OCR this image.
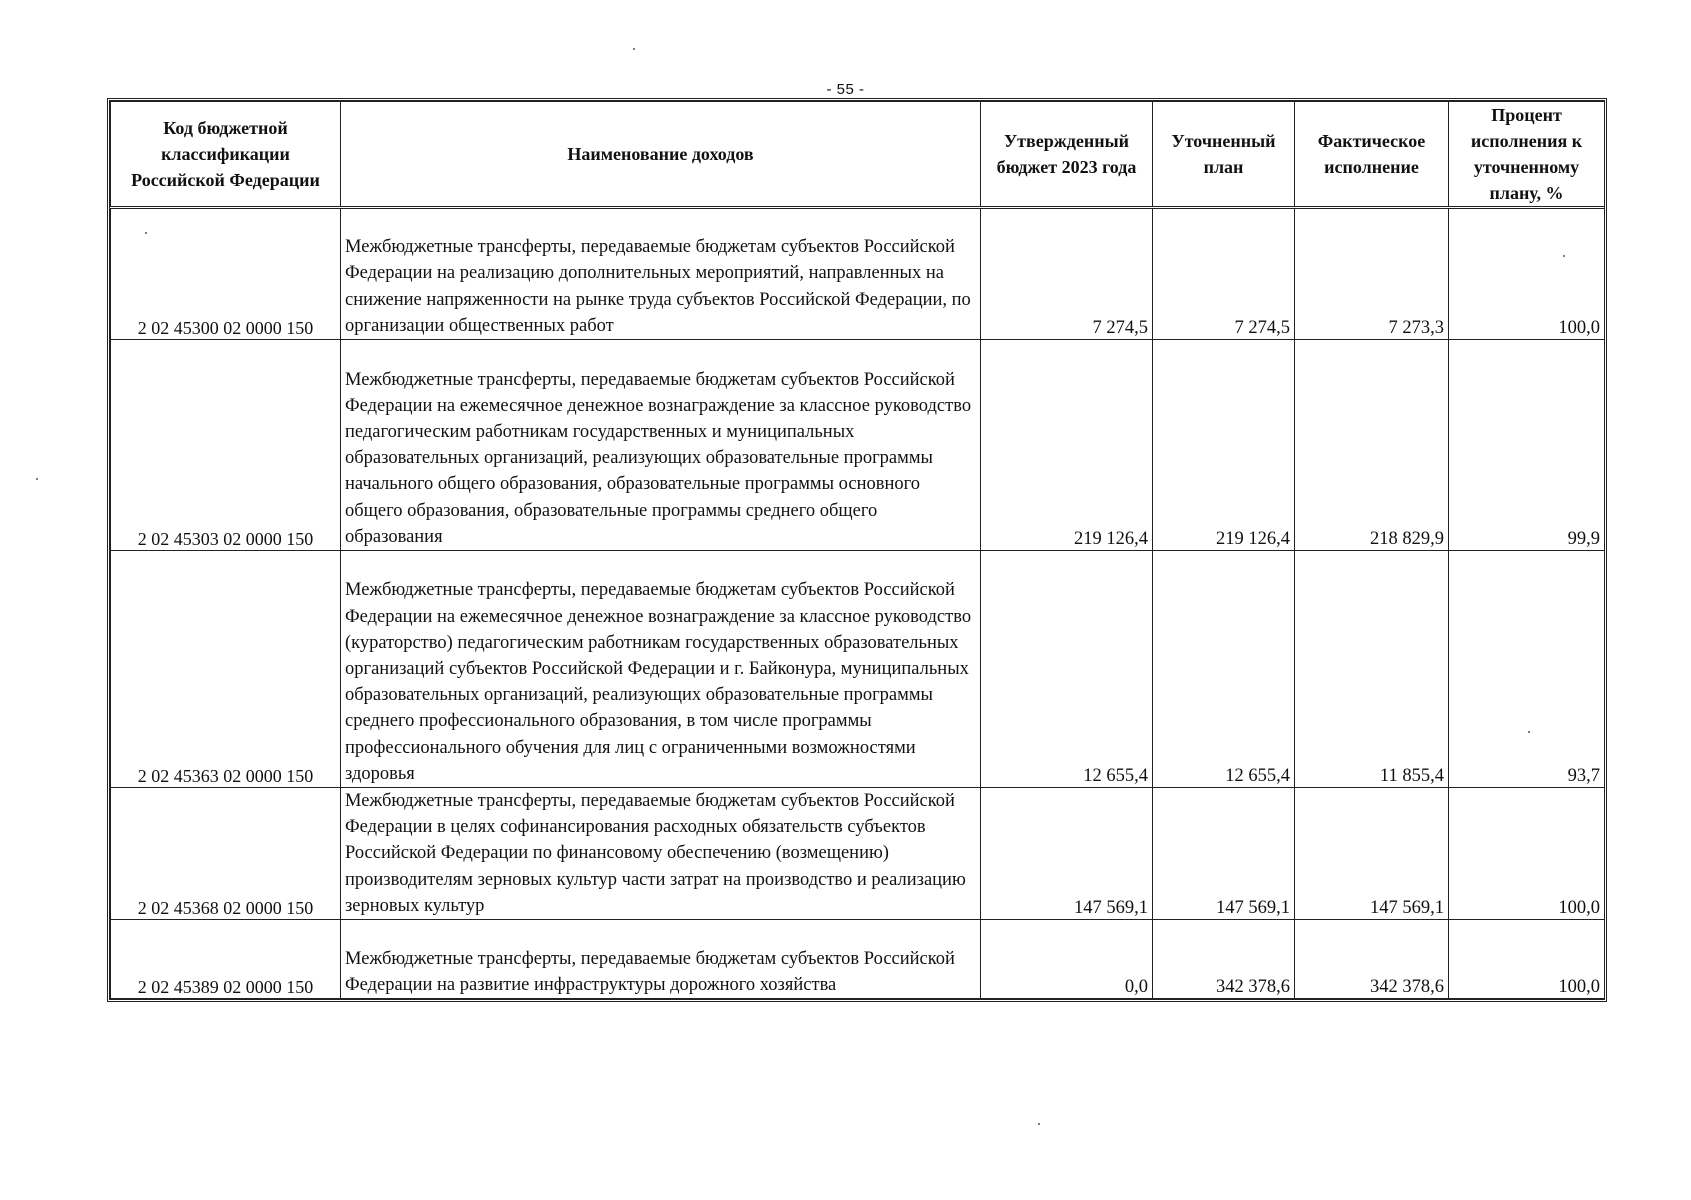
- 55 -
Код бюджетной классификации Российской Федерации	Наименование доходов	Утвержденный бюджет 2023 года	Уточненный план	Фактическое исполнение	Процент исполнения к уточненному плану, %
2 02 45300 02 0000 150	Межбюджетные трансферты, передаваемые бюджетам субъектов Российской Федерации на реализацию дополнительных мероприятий, направленных на снижение напряженности на рынке труда субъектов Российской Федерации, по организации общественных работ	7 274,5	7 274,5	7 273,3	100,0
2 02 45303 02 0000 150	Межбюджетные трансферты, передаваемые бюджетам субъектов Российской Федерации на ежемесячное денежное вознаграждение за классное руководство педагогическим работникам государственных и муниципальных образовательных организаций, реализующих образовательные программы начального общего образования, образовательные программы основного общего образования, образовательные программы среднего общего образования	219 126,4	219 126,4	218 829,9	99,9
2 02 45363 02 0000 150	Межбюджетные трансферты, передаваемые бюджетам субъектов Российской Федерации на ежемесячное денежное вознаграждение за классное руководство (кураторство) педагогическим работникам государственных образовательных организаций субъектов Российской Федерации и г. Байконура, муниципальных образовательных организаций, реализующих образовательные программы среднего профессионального образования, в том числе программы профессионального обучения для лиц с ограниченными возможностями здоровья	12 655,4	12 655,4	11 855,4	93,7
2 02 45368 02 0000 150	Межбюджетные трансферты, передаваемые бюджетам субъектов Российской Федерации в целях софинансирования расходных обязательств субъектов Российской Федерации по финансовому обеспечению (возмещению) производителям зерновых культур части затрат на производство и реализацию зерновых культур	147 569,1	147 569,1	147 569,1	100,0
2 02 45389 02 0000 150	Межбюджетные трансферты, передаваемые бюджетам субъектов Российской Федерации на развитие инфраструктуры дорожного хозяйства	0,0	342 378,6	342 378,6	100,0
